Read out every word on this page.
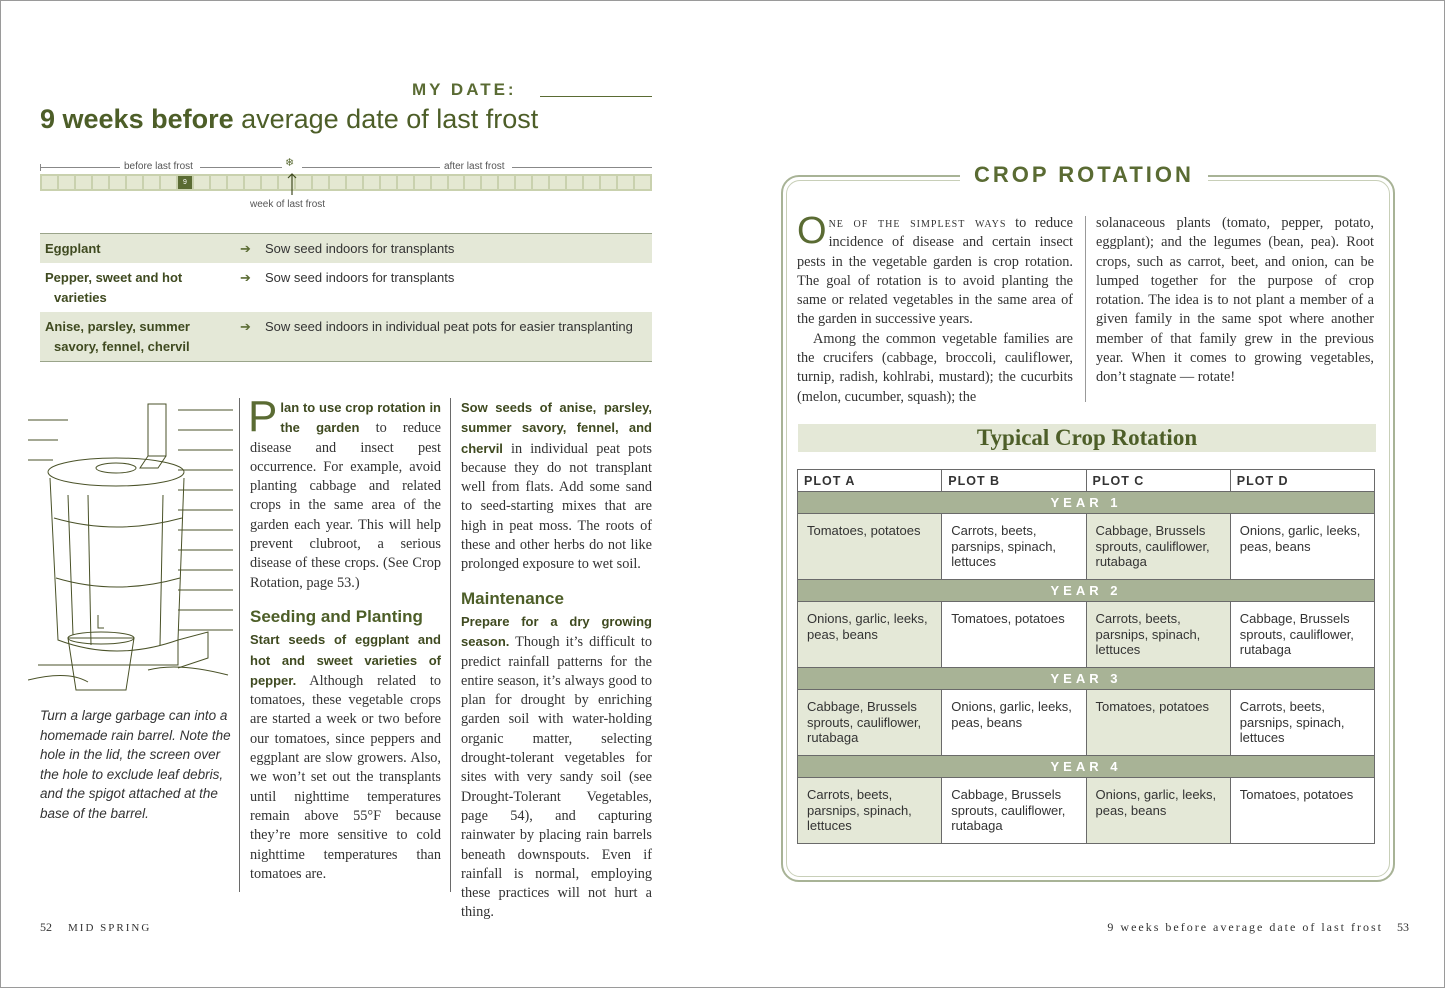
MY DATE:
9 weeks before average date of last frost
before last frost	❄	after last frost
9
week of last frost
Eggplant	➔	Sow seed indoors for transplants
Pepper, sweet and hot
varieties
➔	Sow seed indoors for transplants
Anise, parsley, summer
savory, fennel, chervil
➔	Sow seed indoors in individual peat pots for easier transplanting
Turn a large garbage can into a homemade rain barrel. Note the hole in the lid, the screen over the hole to exclude leaf debris, and the spigot attached at the base of the barrel.
P lan to use crop rotation in the garden to reduce disease and insect pest occurrence. For example, avoid planting cabbage and related crops in the same area of the garden each year. This will help prevent clubroot, a serious disease of these crops. (See Crop Rotation, page 53.)

Seeding and Planting

Start seeds of eggplant and hot and sweet varieties of pepper. Although related to tomatoes, these vegetable crops are started a week or two before our tomatoes, since peppers and eggplant are slow growers. Also, we won’t set out the transplants until nighttime temperatures remain above 55°F because they’re more sensitive to cold nighttime temperatures than tomatoes are.

Sow seeds of anise, parsley, summer savory, fennel, and chervil in individual peat pots because they do not transplant well from flats. Add some sand to seed-starting mixes that are high in peat moss. The roots of these and other herbs do not like prolonged exposure to wet soil.

Maintenance

Prepare for a dry growing season. Though it’s difficult to predict rainfall patterns for the entire season, it’s always good to plan for drought by enriching garden soil with water-holding organic matter, selecting drought-tolerant vegetables for sites with very sandy soil (see Drought-Tolerant Vegetables, page 54), and capturing rainwater by placing rain barrels beneath downspouts. Even if rainfall is normal, employing these practices will not hurt a thing.

52 MID SPRING
CROP ROTATION

One of the simplest ways to reduce incidence of disease and certain insect pests in the vegetable garden is crop rotation. The goal of rotation is to avoid planting the same or related vegetables in the same area of the garden in successive years.

Among the common vegetable families are the crucifers (cabbage, broccoli, cauliflower, turnip, radish, kohlrabi, mustard); the cucurbits (melon, cucumber, squash); the

solanaceous plants (tomato, pepper, potato, eggplant); and the legumes (bean, pea). Root crops, such as carrot, beet, and onion, can be lumped together for the purpose of crop rotation. The idea is to not plant a member of a given family in the same spot where another member of that family grew in the previous year. When it comes to growing vegetables, don’t stagnate — rotate!
Typical Crop Rotation
PLOT A	PLOT B	PLOT C	PLOT D
YEAR 1			
Tomatoes, potatoes	Carrots, beets, parsnips, spinach, lettuces	Cabbage, Brussels sprouts, cauliflower, rutabaga	Onions, garlic, leeks, peas, beans
YEAR 2			
Onions, garlic, leeks, peas, beans	Tomatoes, potatoes	Carrots, beets, parsnips, spinach, lettuces	Cabbage, Brussels sprouts, cauliflower, rutabaga
YEAR 3			
Cabbage, Brussels sprouts, cauliflower, rutabaga	Onions, garlic, leeks, peas, beans	Tomatoes, potatoes	Carrots, beets, parsnips, spinach, lettuces
YEAR 4			
Carrots, beets, parsnips, spinach, lettuces	Cabbage, Brussels sprouts, cauliflower, rutabaga	Onions, garlic, leeks, peas, beans	Tomatoes, potatoes
9 weeks before average date of last frost 53
